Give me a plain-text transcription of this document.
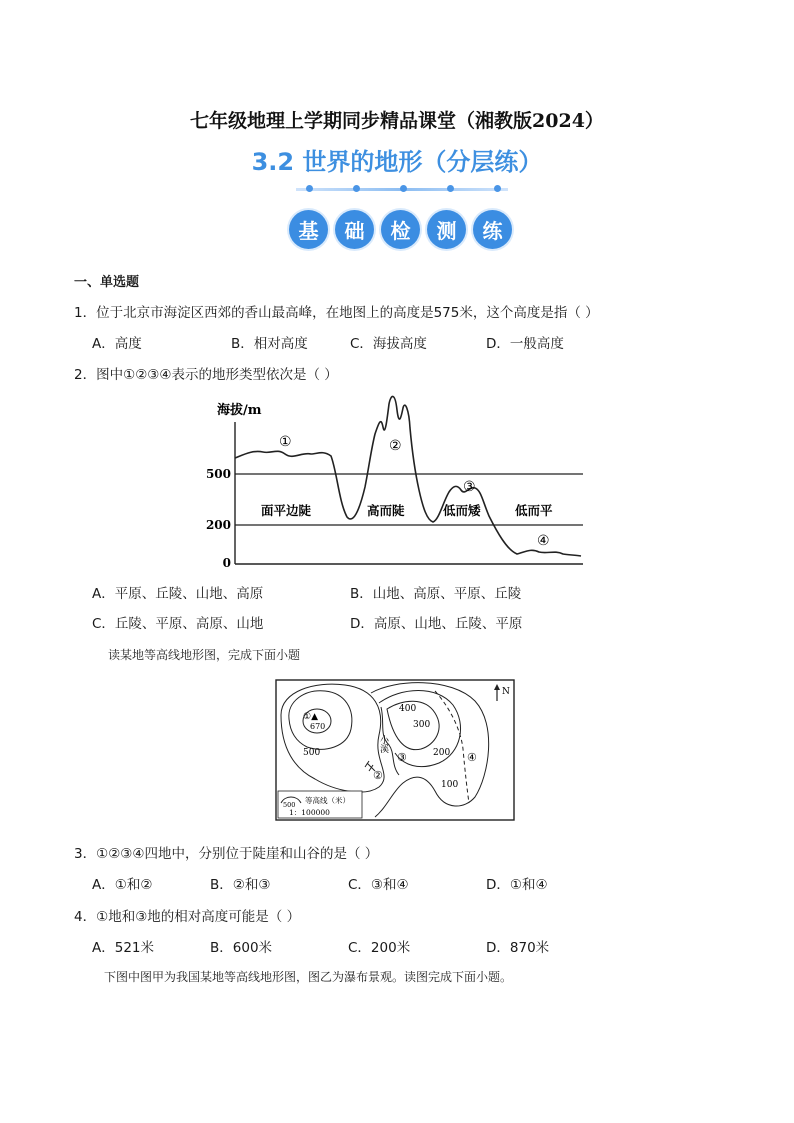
七年级地理上学期同步精品课堂（湘教版2024）
3.2 世界的地形（分层练）
基	础	检	测	练
一、单选题
1．位于北京市海淀区西郊的香山最高峰，在地图上的高度是575米，这个高度是指（ ）
A．高度	B．相对高度	C．海拔高度	D．一般高度
2．图中①②③④表示的地形类型依次是（ ）
海拔/m
500
200
0
①	②
③
④
面平边陡	高而陡	低而矮	低而平
A．平原、丘陵、山地、高原	B．山地、高原、平原、丘陵
C．丘陵、平原、高原、山地	D．高原、山地、丘陵、平原
读某地等高线地形图，完成下面小题
N
①▲
670
500
400
300
200
100
小溪
②
③	④
500 等高线（米）
1：100000
3．①②③④四地中，分别位于陡崖和山谷的是（ ）
A．①和②	B．②和③	C．③和④	D．①和④
4．①地和③地的相对高度可能是（ ）
A．521米	B．600米	C．200米	D．870米
下图中图甲为我国某地等高线地形图，图乙为瀑布景观。读图完成下面小题。
